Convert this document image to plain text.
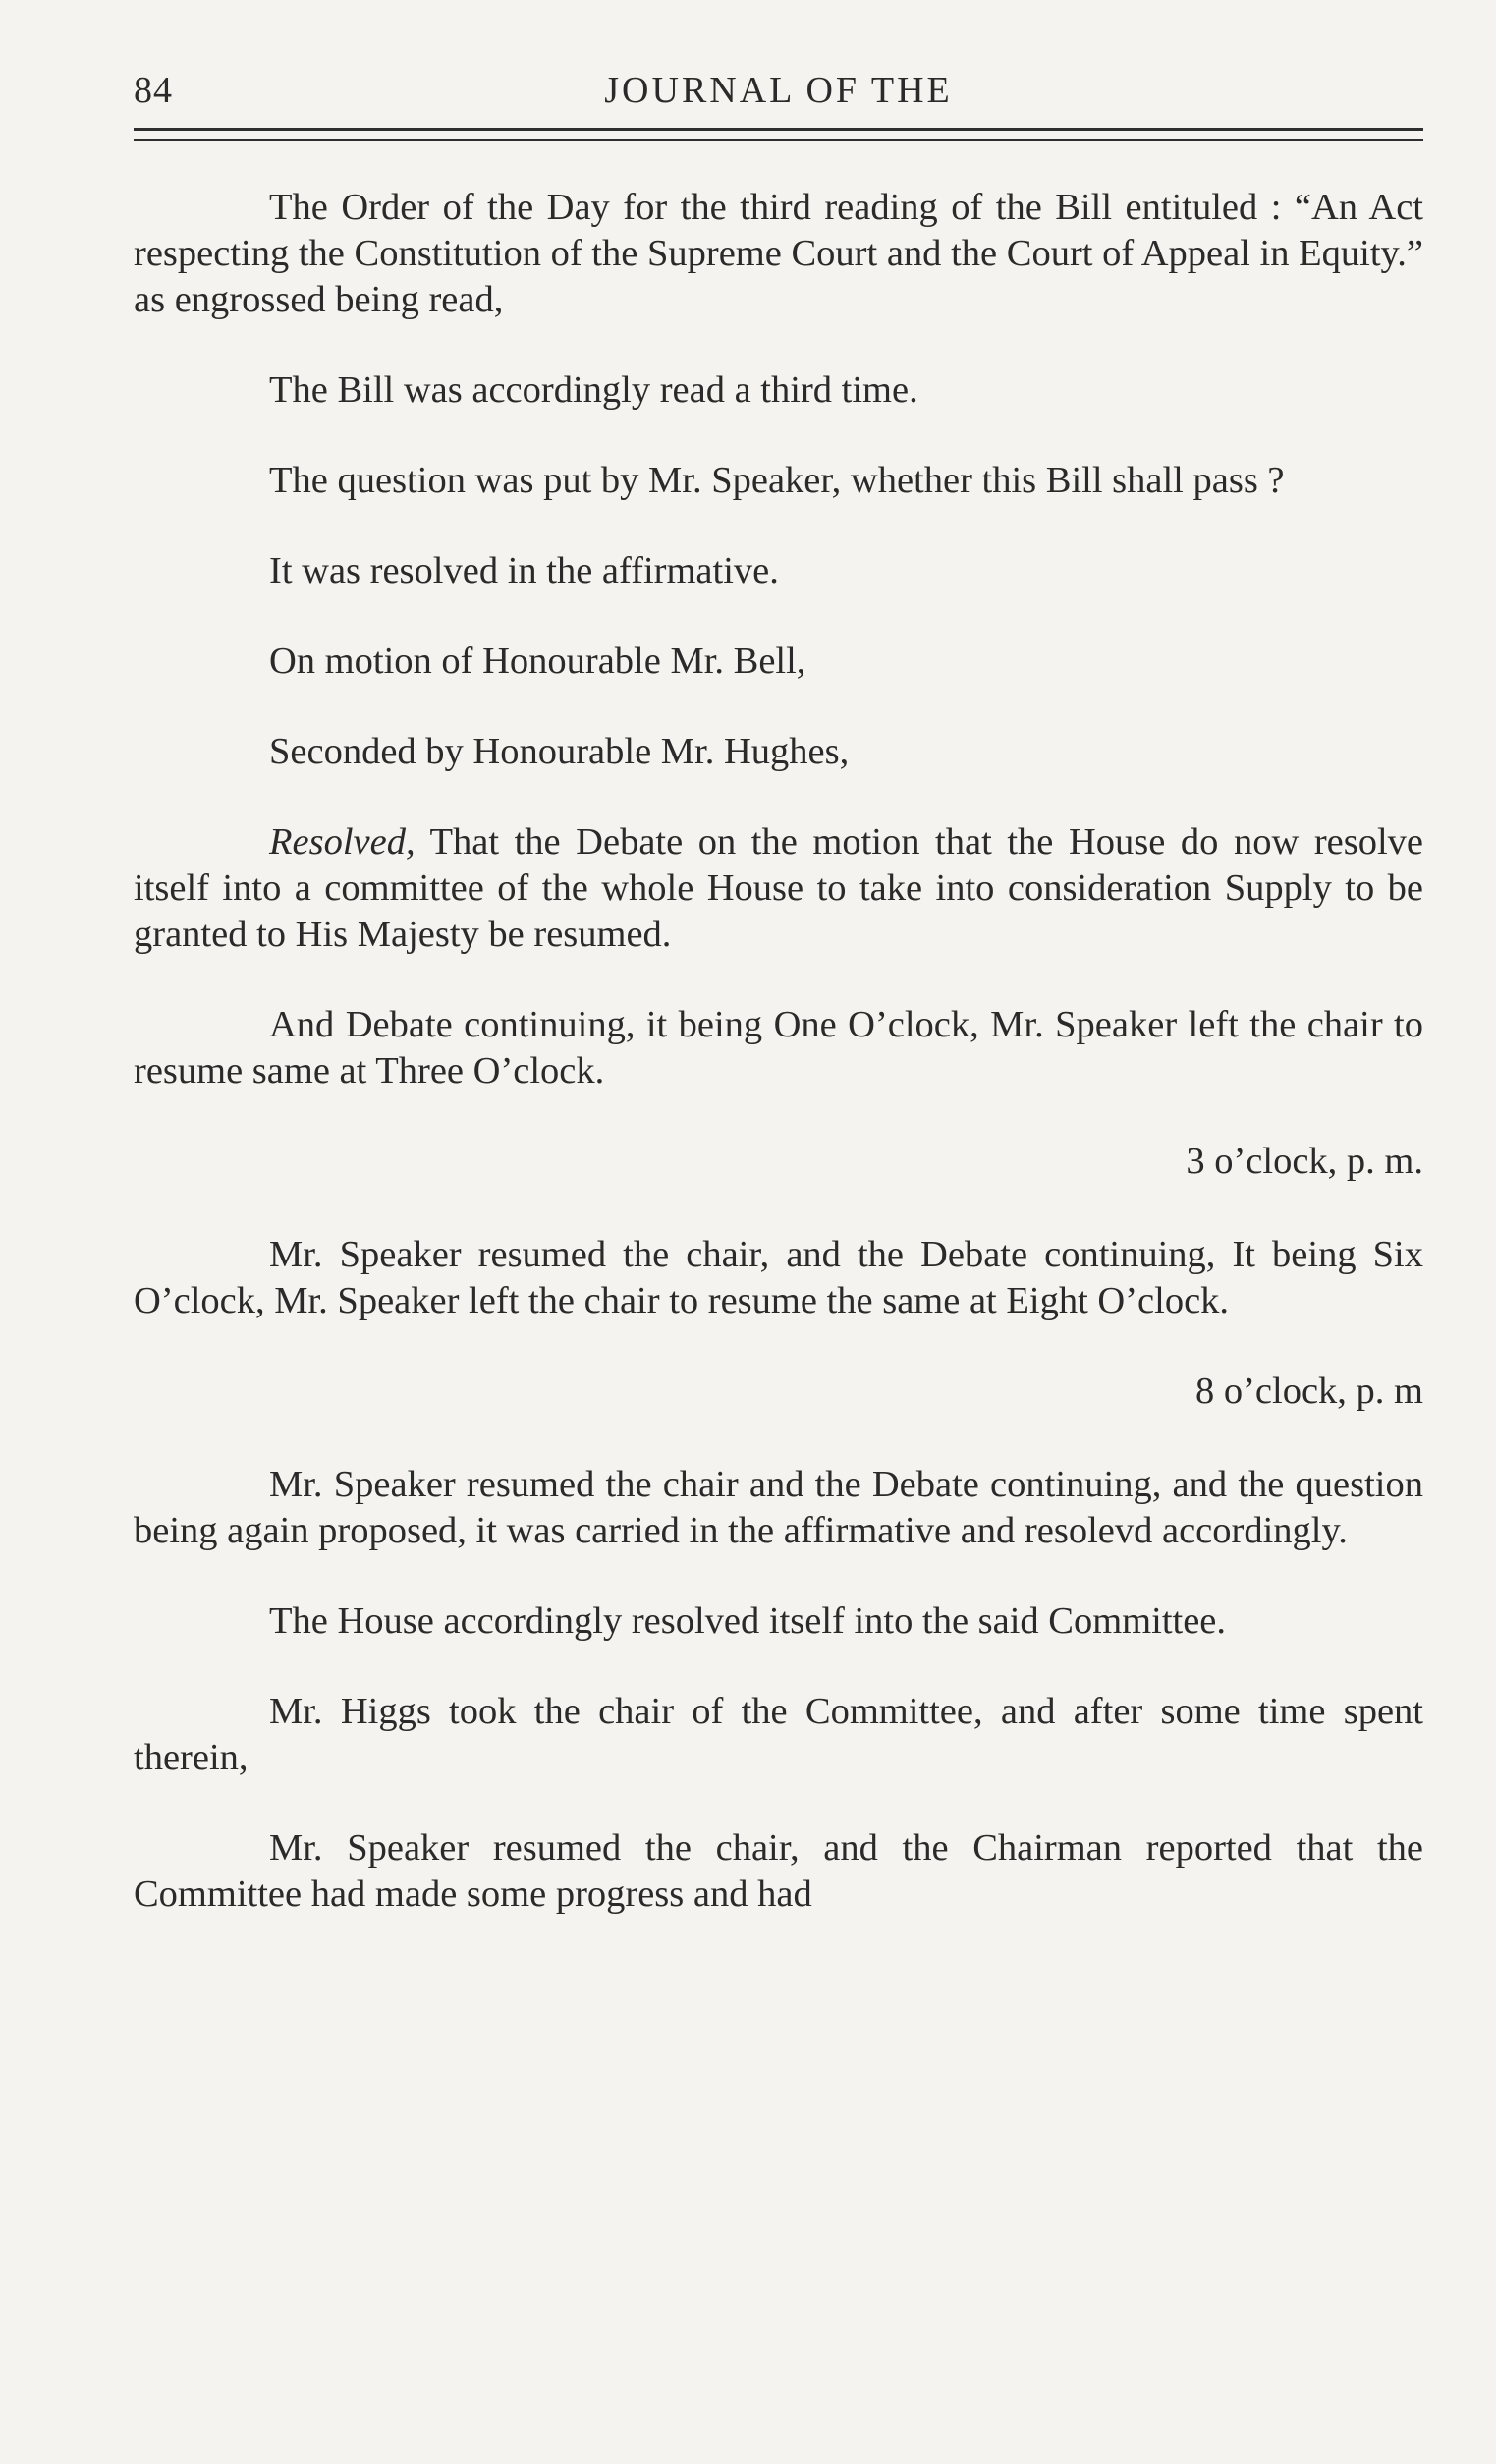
84	JOURNAL OF THE

The Order of the Day for the third reading of the Bill entituled : “An Act respecting the Constitution of the Supreme Court and the Court of Appeal in Equity.” as engrossed being read,

The Bill was accordingly read a third time.

The question was put by Mr. Speaker, whether this Bill shall pass ?

It was resolved in the affirmative.

On motion of Honourable Mr. Bell,

Seconded by Honourable Mr. Hughes,

Resolved, That the Debate on the motion that the House do now resolve itself into a committee of the whole House to take into consideration Supply to be granted to His Majesty be resumed.

And Debate continuing, it being One O’clock, Mr. Speaker left the chair to resume same at Three O’clock.

3 o’clock, p. m.

Mr. Speaker resumed the chair, and the Debate continuing, It being Six O’clock, Mr. Speaker left the chair to resume the same at Eight O’clock.

8 o’clock, p. m

Mr. Speaker resumed the chair and the Debate continuing, and the question being again proposed, it was carried in the affirmative and resolevd accordingly.

The House accordingly resolved itself into the said Committee.

Mr. Higgs took the chair of the Committee, and after some time spent therein,

Mr. Speaker resumed the chair, and the Chairman reported that the Committee had made some progress and had
